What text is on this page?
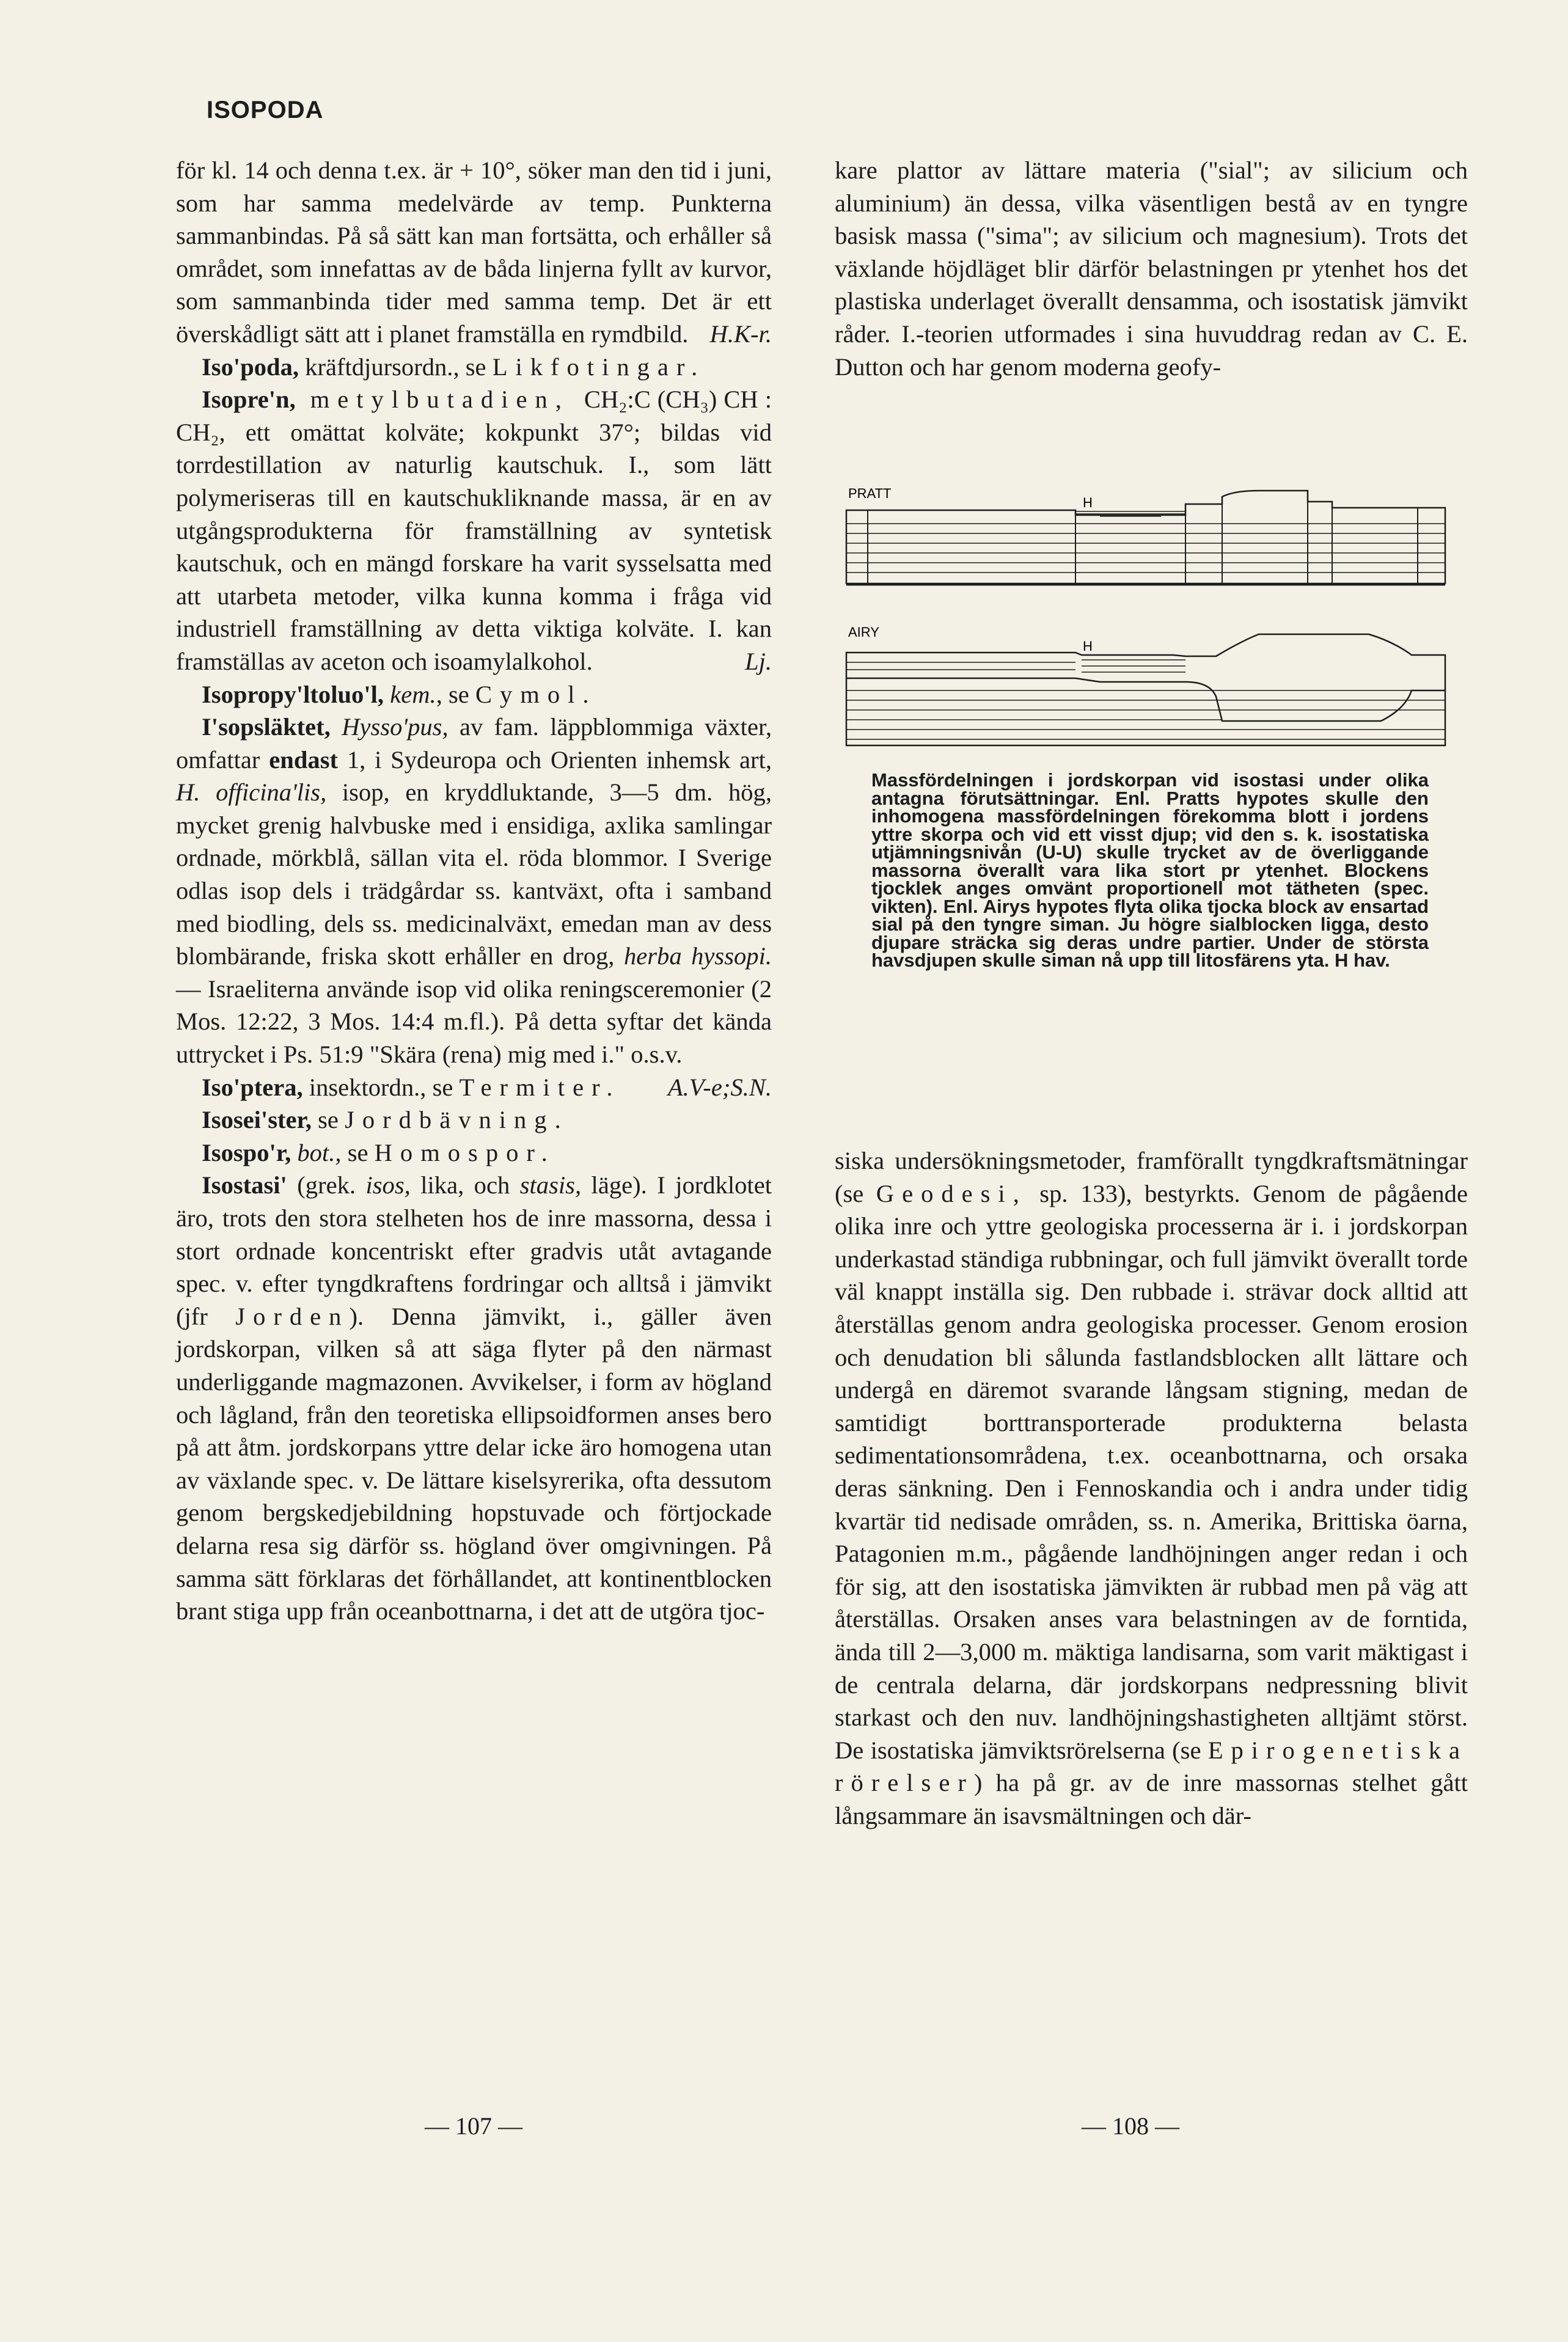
ISOPODA

för kl. 14 och denna t.ex. är + 10°, söker man den tid i juni, som har samma medelvärde av temp. Punkterna sammanbindas. På så sätt kan man fortsätta, och erhåller så området, som innefattas av de båda linjerna fyllt av kurvor, som sammanbinda tider med samma temp. Det är ett överskådligt sätt att i planet framställa en rymdbild. H.K-r.

Iso'poda, kräftdjursordn., se Likfotingar.

Isopre'n, metylbutadien, CH₂:C (CH₃) CH : CH₂, ett omättat kolväte; kokpunkt 37°; bildas vid torrdestillation av naturlig kautschuk. I., som lätt polymeriseras till en kautschukliknande massa, är en av utgångsprodukterna för framställning av syntetisk kautschuk, och en mängd forskare ha varit sysselsatta med att utarbeta metoder, vilka kunna komma i fråga vid industriell framställning av detta viktiga kolväte. I. kan framställas av aceton och isoamylalkohol.	Lj.

Isopropy'ltoluo'l, kem., se Cymol.

I'sopsläktet, Hysso'pus, av fam. läppblommiga växter, omfattar endast 1, i Sydeuropa och Orienten inhemsk art, H. officina'lis, isop, en kryddluktande, 3—5 dm. hög, mycket grenig halvbuske med i ensidiga, axlika samlingar ordnade, mörkblå, sällan vita el. röda blommor. I Sverige odlas isop dels i trädgårdar ss. kantväxt, ofta i samband med biodling, dels ss. medicinalväxt, emedan man av dess blombärande, friska skott erhåller en drog, herba hyssopi. — Israeliterna använde isop vid olika reningsceremonier (2 Mos. 12:22, 3 Mos. 14:4 m.fl.). På detta syftar det kända uttrycket i Ps. 51:9 "Skära (rena) mig med i." o.s.v.
A.V-e;S.N.

Iso'ptera, insektordn., se Termiter.

Isosei'ster, se Jordbävning.

Isospo'r, bot., se Homospor.

Isostasi' (grek. isos, lika, och stasis, läge). I jordklotet äro, trots den stora stelheten hos de inre massorna, dessa i stort ordnade koncentriskt efter gradvis utåt avtagande spec. v. efter tyngdkraftens fordringar och alltså i jämvikt (jfr Jorden). Denna jämvikt, i., gäller även jordskorpan, vilken så att säga flyter på den närmast underliggande magmazonen. Avvikelser, i form av högland och lågland, från den teoretiska ellipsoidformen anses bero på att åtm. jordskorpans yttre delar icke äro homogena utan av växlande spec. v. De lättare kiselsyrerika, ofta dessutom genom bergskedjebildning hopstuvade och förtjockade delarna resa sig därför ss. högland över omgivningen. På samma sätt förklaras det förhållandet, att kontinentblocken brant stiga upp från oceanbottnarna, i det att de utgöra tjoc-

kare plattor av lättare materia ("sial"; av silicium och aluminium) än dessa, vilka väsentligen bestå av en tyngre basisk massa ("sima"; av silicium och magnesium). Trots det växlande höjdläget blir därför belastningen pr ytenhet hos det plastiska underlaget överallt densamma, och isostatisk jämvikt råder. I.-teorien utformades i sina huvuddrag redan av C. E. Dutton och har genom moderna geofy-

PRATT
H
AIRY
H
Massfördelningen i jordskorpan vid isostasi under olika antagna förutsättningar. Enl. Pratts hypotes skulle den inhomogena massfördelningen förekomma blott i jordens yttre skorpa och vid ett visst djup; vid den s. k. isostatiska utjämningsnivån (U-U) skulle trycket av de överliggande massorna överallt vara lika stort pr ytenhet. Blockens tjocklek anges omvänt proportionell mot tätheten (spec. vikten). Enl. Airys hypotes flyta olika tjocka block av ensartad sial på den tyngre siman. Ju högre sialblocken ligga, desto djupare sträcka sig deras undre partier. Under de största havsdjupen skulle siman nå upp till litosfärens yta. H hav.

siska undersökningsmetoder, framförallt tyngdkraftsmätningar (se Geodesi, sp. 133), bestyrkts. Genom de pågående olika inre och yttre geologiska processerna är i. i jordskorpan underkastad ständiga rubbningar, och full jämvikt överallt torde väl knappt inställa sig. Den rubbade i. strävar dock alltid att återställas genom andra geologiska processer. Genom erosion och denudation bli sålunda fastlandsblocken allt lättare och undergå en däremot svarande långsam stigning, medan de samtidigt borttransporterade produkterna belasta sedimentationsområdena, t.ex. oceanbottnarna, och orsaka deras sänkning. Den i Fennoskandia och i andra under tidig kvartär tid nedisade områden, ss. n. Amerika, Brittiska öarna, Patagonien m.m., pågående landhöjningen anger redan i och för sig, att den isostatiska jämvikten är rubbad men på väg att återställas. Orsaken anses vara belastningen av de forntida, ända till 2—3,000 m. mäktiga landisarna, som varit mäktigast i de centrala delarna, där jordskorpans nedpressning blivit starkast och den nuv. landhöjningshastigheten alltjämt störst. De isostatiska jämviktsrörelserna (se Epirogenetiska rörelser) ha på gr. av de inre massornas stelhet gått långsammare än isavsmältningen och där-

— 107 —	— 108 —
